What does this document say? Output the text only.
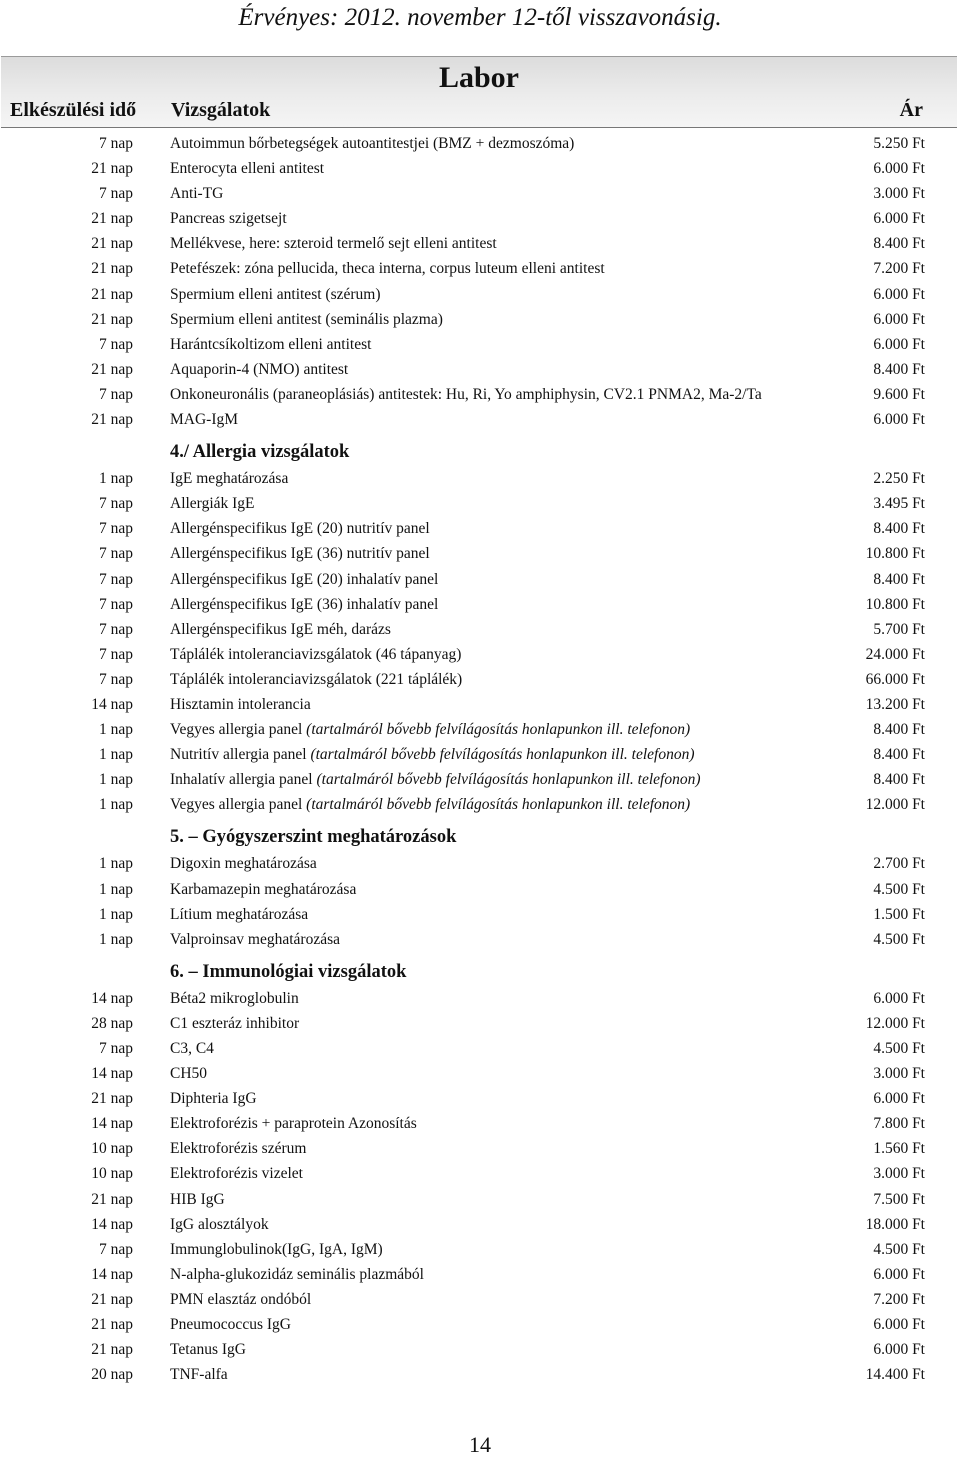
Érvényes: 2012. november 12-től visszavonásig.
Labor
Elkészülési idő Vizsgálatok	Ár
7 nap Autoimmun bőrbetegségek autoantitestjei (BMZ + dezmoszóma)	5.250 Ft
21 nap Enterocyta elleni antitest	6.000 Ft
7 nap Anti-TG	3.000 Ft
21 nap Pancreas szigetsejt	6.000 Ft
21 nap Mellékvese, here: szteroid termelő sejt elleni antitest	8.400 Ft
21 nap Petefészek: zóna pellucida, theca interna, corpus luteum elleni antitest	7.200 Ft
21 nap Spermium elleni antitest (szérum)	6.000 Ft
21 nap Spermium elleni antitest (seminális plazma)	6.000 Ft
7 nap Harántcsíkoltizom elleni antitest	6.000 Ft
21 nap Aquaporin-4 (NMO) antitest	8.400 Ft
7 nap Onkoneuronális (paraneoplásiás) antitestek: Hu, Ri, Yo amphiphysin, CV2.1 PNMA2, Ma-2/Ta	9.600 Ft
21 nap MAG-IgM	6.000 Ft
4./ Allergia vizsgálatok
1 nap IgE meghatározása	2.250 Ft
7 nap Allergiák IgE	3.495 Ft
7 nap Allergénspecifikus IgE (20) nutritív panel	8.400 Ft
7 nap Allergénspecifikus IgE (36) nutritív panel	10.800 Ft
7 nap Allergénspecifikus IgE (20) inhalatív panel	8.400 Ft
7 nap Allergénspecifikus IgE (36) inhalatív panel	10.800 Ft
7 nap Allergénspecifikus IgE méh, darázs	5.700 Ft
7 nap Táplálék intoleranciavizsgálatok (46 tápanyag)	24.000 Ft
7 nap Táplálék intoleranciavizsgálatok (221 táplálék)	66.000 Ft
14 nap Hisztamin intolerancia	13.200 Ft
1 nap Vegyes allergia panel (tartalmáról bővebb felvílágosítás honlapunkon ill. telefonon)	8.400 Ft
1 nap Nutritív allergia panel (tartalmáról bővebb felvílágosítás honlapunkon ill. telefonon)	8.400 Ft
1 nap Inhalatív allergia panel (tartalmáról bővebb felvílágosítás honlapunkon ill. telefonon)	8.400 Ft
1 nap Vegyes allergia panel (tartalmáról bővebb felvílágosítás honlapunkon ill. telefonon)	12.000 Ft
5. – Gyógyszerszint meghatározások
1 nap Digoxin meghatározása	2.700 Ft
1 nap Karbamazepin meghatározása	4.500 Ft
1 nap Lítium meghatározása	1.500 Ft
1 nap Valproinsav meghatározása	4.500 Ft
6. – Immunológiai vizsgálatok
14 nap Béta2 mikroglobulin	6.000 Ft
28 nap C1 eszteráz inhibitor	12.000 Ft
7 nap C3, C4	4.500 Ft
14 nap CH50	3.000 Ft
21 nap Diphteria IgG	6.000 Ft
14 nap Elektroforézis + paraprotein Azonosítás	7.800 Ft
10 nap Elektroforézis szérum	1.560 Ft
10 nap Elektroforézis vizelet	3.000 Ft
21 nap HIB IgG	7.500 Ft
14 nap IgG alosztályok	18.000 Ft
7 nap Immunglobulinok(IgG, IgA, IgM)	4.500 Ft
14 nap N-alpha-glukozidáz seminális plazmából	6.000 Ft
21 nap PMN elasztáz ondóból	7.200 Ft
21 nap Pneumococcus IgG	6.000 Ft
21 nap Tetanus IgG	6.000 Ft
20 nap TNF-alfa	14.400 Ft
14
